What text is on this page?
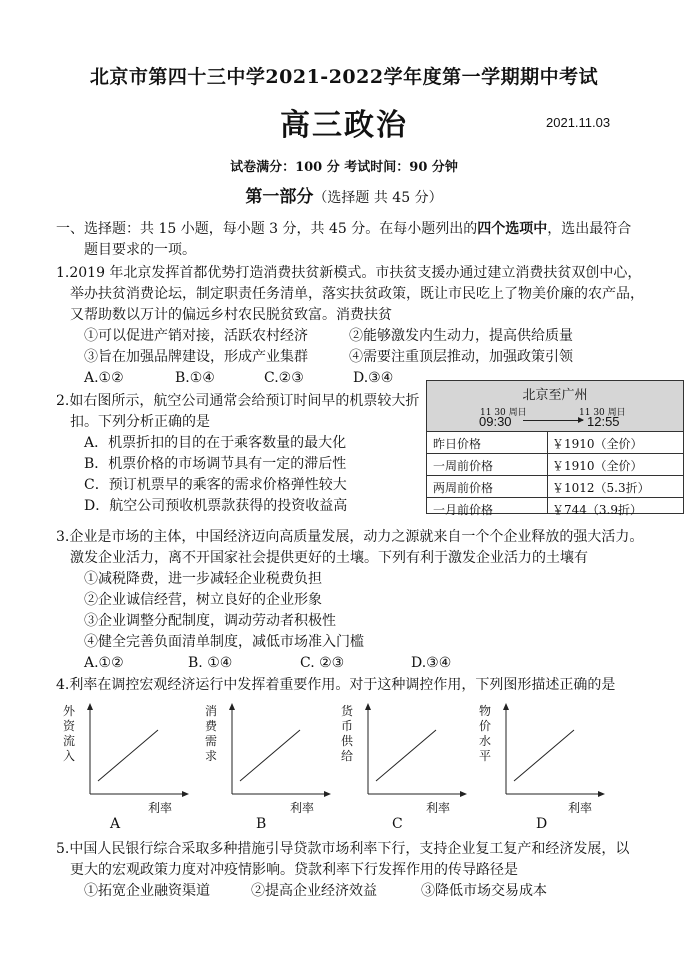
北京市第四十三中学2021-2022学年度第一学期期中考试
高三政治	2021.11.03
试卷满分：100 分 考试时间：90 分钟
第一部分（选择题 共 45 分）
一、选择题：共 15 小题，每小题 3 分，共 45 分。在每小题列出的四个选项中，选出最符合
题目要求的一项。
1.2019 年北京发挥首都优势打造消费扶贫新模式。市扶贫支援办通过建立消费扶贫双创中心，
举办扶贫消费论坛，制定职责任务清单，落实扶贫政策，既让市民吃上了物美价廉的农产品，
又帮助数以万计的偏远乡村农民脱贫致富。消费扶贫
①可以促进产销对接，活跃农村经济	②能够激发内生动力，提高供给质量
③旨在加强品牌建设，形成产业集群	④需要注重顶层推动，加强政策引领
A.①②	B.①④	C.②③	D.③④
2.如右图所示，航空公司通常会给预订时间早的机票较大折
扣。下列分析正确的是
A．机票折扣的目的在于乘客数量的最大化
B．机票价格的市场调节具有一定的滞后性
C．预订机票早的乘客的需求价格弹性较大
D．航空公司预收机票款获得的投资收益高
北京至广州
11 30 周日	11 30 周日
09:30	12:55
昨日价格	￥1910（全价）
一周前价格	￥1910（全价）
两周前价格	￥1012（5.3折）
一月前价格	￥744（3.9折）
3.企业是市场的主体，中国经济迈向高质量发展，动力之源就来自一个个企业释放的强大活力。
激发企业活力，离不开国家社会提供更好的土壤。下列有利于激发企业活力的土壤有
①减税降费，进一步减轻企业税费负担
②企业诚信经营，树立良好的企业形象
③企业调整分配制度，调动劳动者积极性
④健全完善负面清单制度，减低市场准入门槛
A.①②	B. ①④	C. ②③	D.③④
4.利率在调控宏观经济运行中发挥着重要作用。对于这种调控作用，下列图形描述正确的是
外
资
流
入
利率
A
消
费
需
求
利率
B
货
币
供
给
利率
C
物
价
水
平
利率
D
5.中国人民银行综合采取多种措施引导贷款市场利率下行，支持企业复工复产和经济发展，以
更大的宏观政策力度对冲疫情影响。贷款利率下行发挥作用的传导路径是
①拓宽企业融资渠道	②提高企业经济效益	③降低市场交易成本
